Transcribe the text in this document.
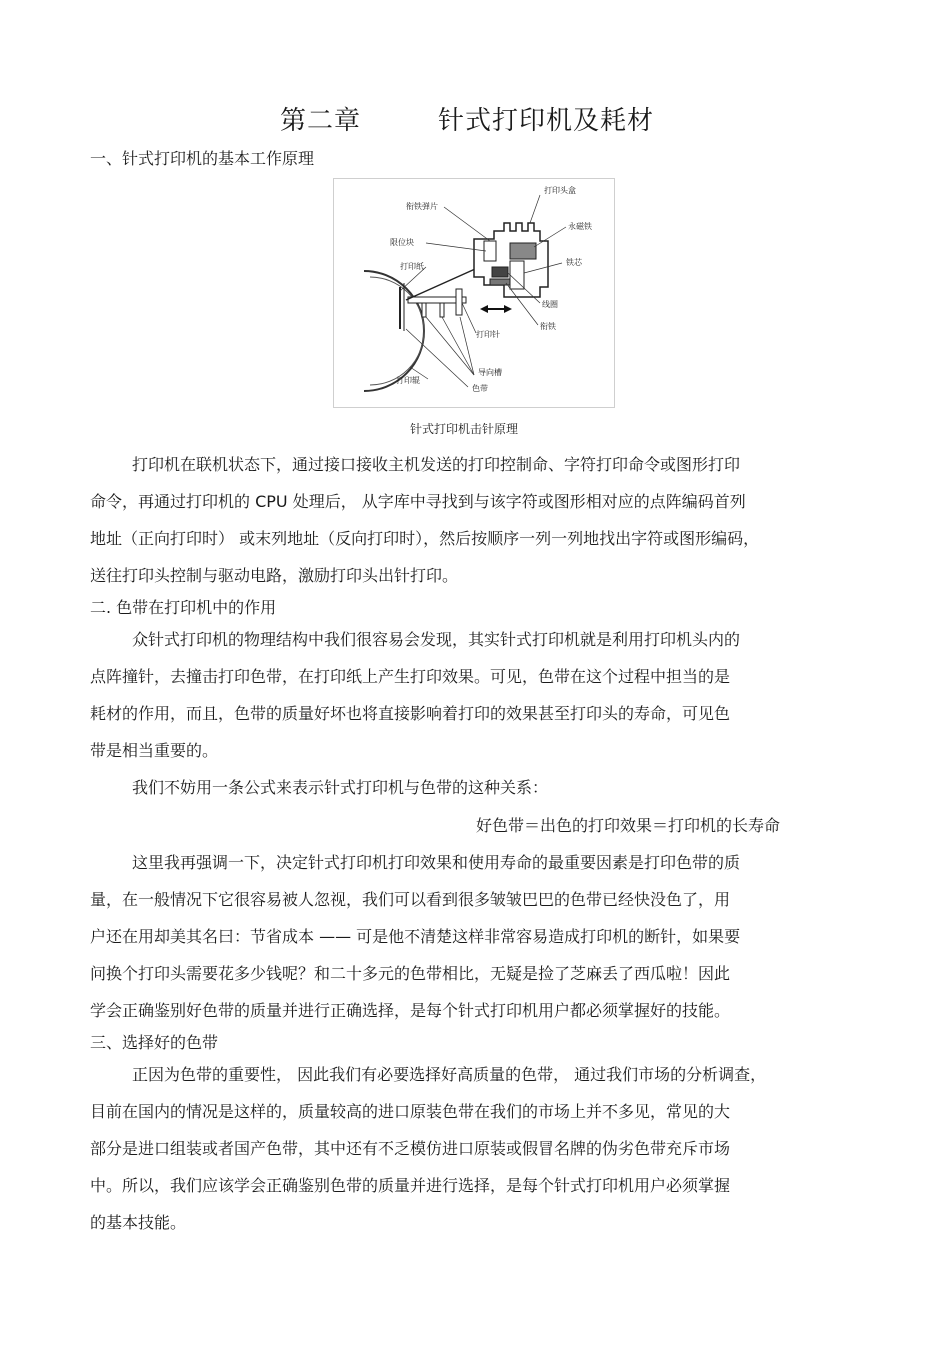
第二章	针式打印机及耗材
一、针式打印机的基本工作原理
打印头盒
衔铁弹片
永磁铁
限位块
铁芯
打印纸
线圈
衔铁
打印针
导向槽
打印辊
色带
针式打印机击针原理
打印机在联机状态下，通过接口接收主机发送的打印控制命、字符打印命令或图形打印
命令，再通过打印机的 CPU 处理后， 从字库中寻找到与该字符或图形相对应的点阵编码首列
地址（正向打印时） 或末列地址（反向打印时），然后按顺序一列一列地找出字符或图形编码，
送往打印头控制与驱动电路，激励打印头出针打印。
二. 色带在打印机中的作用
众针式打印机的物理结构中我们很容易会发现，其实针式打印机就是利用打印机头内的
点阵撞针，去撞击打印色带，在打印纸上产生打印效果。可见，色带在这个过程中担当的是
耗材的作用，而且，色带的质量好坏也将直接影响着打印的效果甚至打印头的寿命，可见色
带是相当重要的。
我们不妨用一条公式来表示针式打印机与色带的这种关系：
好色带＝出色的打印效果＝打印机的长寿命
这里我再强调一下，决定针式打印机打印效果和使用寿命的最重要因素是打印色带的质
量，在一般情况下它很容易被人忽视，我们可以看到很多皱皱巴巴的色带已经快没色了，用
户还在用却美其名曰：节省成本 —— 可是他不清楚这样非常容易造成打印机的断针，如果要
问换个打印头需要花多少钱呢？和二十多元的色带相比，无疑是捡了芝麻丢了西瓜啦！因此
学会正确鉴别好色带的质量并进行正确选择，是每个针式打印机用户都必须掌握好的技能。
三、选择好的色带
正因为色带的重要性， 因此我们有必要选择好高质量的色带， 通过我们市场的分析调查，
目前在国内的情况是这样的，质量较高的进口原装色带在我们的市场上并不多见，常见的大
部分是进口组装或者国产色带，其中还有不乏模仿进口原装或假冒名牌的伪劣色带充斥市场
中。所以，我们应该学会正确鉴别色带的质量并进行选择，是每个针式打印机用户必须掌握
的基本技能。
